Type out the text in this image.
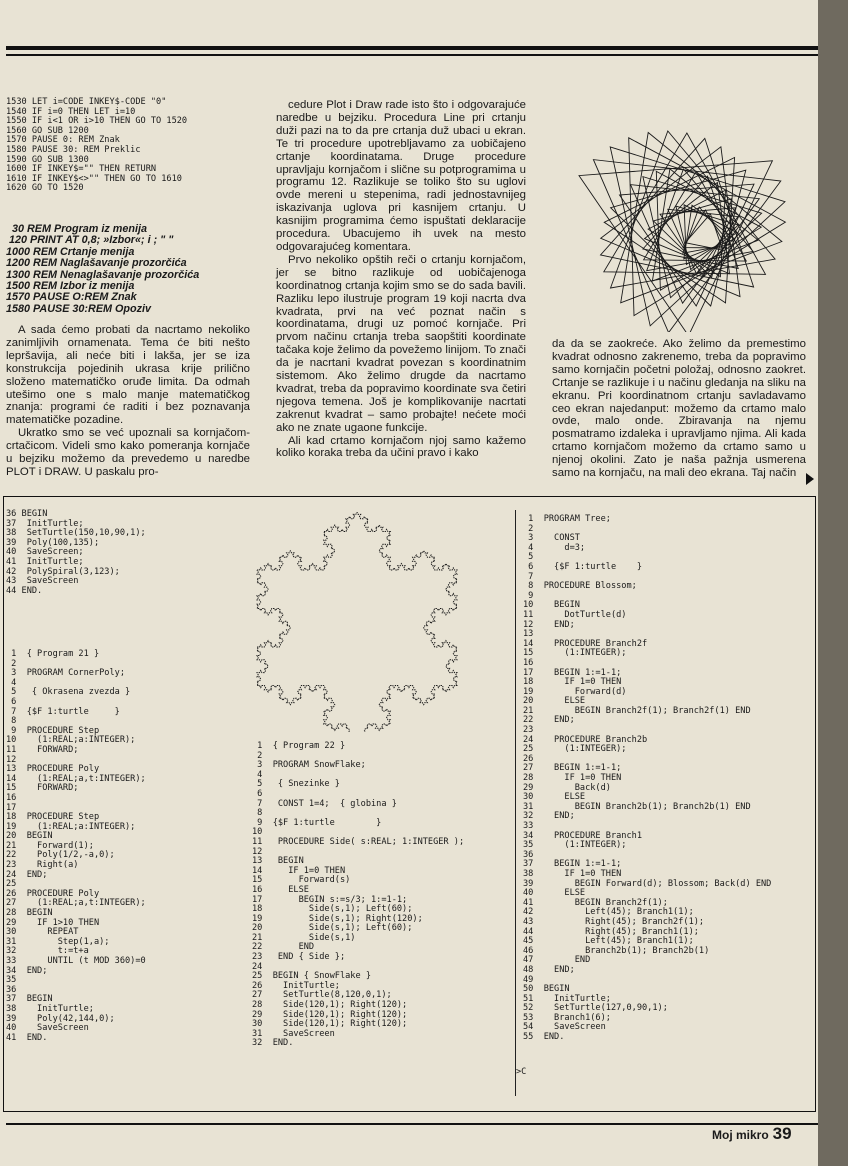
1530 LET i=CODE INKEY$-CODE "0"
1540 IF i=0 THEN LET i=10
1550 IF i<1 OR i>10 THEN GO TO 1520
1560 GO SUB 1200
1570 PAUSE 0: REM Znak
1580 PAUSE 30: REM Preklic
1590 GO SUB 1300
1600 IF INKEY$="" THEN RETURN
1610 IF INKEY$<>"" THEN GO TO 1610
1620 GO TO 1520
30 REM Program iz menija
120 PRINT AT 0,8; »Izbor«; i ; " "
1000 REM Crtanje menija
1200 REM Naglašavanje prozorčića
1300 REM Nenaglašavanje prozorčića
1500 REM Izbor iz menija
1570 PAUSE O:REM Znak
1580 PAUSE 30:REM Opoziv

A sada ćemo probati da nacrtamo nekoliko zanimljivih ornamenata. Tema će biti nešto lepršavija, ali neće biti i lakša, jer se iza konstrukcija pojedinih ukrasa krije prilično složeno matematičko oruđe limita. Da odmah utešimo one s malo manje matematičkog znanja: programi će raditi i bez poznavanja matematičke pozadine.

Ukratko smo se već upoznali sa kornjačom-crtačicom. Videli smo kako pomeranja kornjače u bejziku možemo da prevedemo u naredbe PLOT i DRAW. U paskalu pro-

cedure Plot i Draw rade isto što i odgovarajuće naredbe u bejziku. Procedura Line pri crtanju duži pazi na to da pre crtanja duž ubaci u ekran. Te tri procedure upotrebljavamo za uobičajeno crtanje koordinatama. Druge procedure upravljaju kornjačom i slične su potprogramima u programu 12. Razlikuje se toliko što su uglovi ovde mereni u stepenima, radi jednostavnijeg iskazivanja uglova pri kasnijem crtanju. U kasnijim programima ćemo ispuštati deklaracije procedura. Ubacujemo ih uvek na mesto odgovarajućeg komentara.

Prvo nekoliko opštih reči o crtanju kornjačom, jer se bitno razlikuje od uobičajenoga koordinatnog crtanja kojim smo se do sada bavili. Razliku lepo ilustruje program 19 koji nacrta dva kvadrata, prvi na već poznat način s koordinatama, drugi uz pomoć kornjače. Pri prvom načinu crtanja treba saopštiti koordinate tačaka koje želimo da povežemo linijom. To znači da je nacrtani kvadrat povezan s koordinatnim sistemom. Ako želimo drugde da nacrtamo kvadrat, treba da popravimo koordinate sva četiri njegova temena. Još je komplikovanije nacrtati zakrenut kvadrat – samo probajte! nećete moći ako ne znate ugaone funkcije.

Ali kad crtamo kornjačom njoj samo kažemo koliko koraka treba da učini pravo i kako

da da se zaokreće. Ako želimo da premestimo kvadrat odnosno zakrenemo, treba da popravimo samo kornjačin početni položaj, odnosno zaokret. Crtanje se razlikuje i u načinu gledanja na sliku na ekranu. Pri koordinatnom crtanju savladavamo ceo ekran najedanput: možemo da crtamo malo ovde, malo onde. Zbiravanja na njemu posmatramo izdaleka i upravljamo njima. Ali kada crtamo kornjačom možemo da crtamo samo u njenoj okolini. Zato je naša pažnja usmerena samo na kornjaču, na mali deo ekrana. Taj način

36 BEGIN
37  InitTurtle;
38  SetTurtle(150,10,90,1);
39  Poly(100,135);
40  SaveScreen;
41  InitTurtle;
42  PolySpiral(3,123);
43  SaveScreen
44 END.
1  { Program 21 }
2
3  PROGRAM CornerPoly;
4
5   { Okrasena zvezda }
6
7  {$F 1:turtle     }
8
9  PROCEDURE Step
10    (1:REAL;a:INTEGER);
11    FORWARD;
12
13  PROCEDURE Poly
14    (1:REAL;a,t:INTEGER);
15    FORWARD;
16
17
18  PROCEDURE Step
19    (1:REAL;a:INTEGER);
20  BEGIN
21    Forward(1);
22    Poly(1/2,-a,0);
23    Right(a)
24  END;
25
26  PROCEDURE Poly
27    (1:REAL;a,t:INTEGER);
28  BEGIN
29    IF 1>10 THEN
30      REPEAT
31        Step(1,a);
32        t:=t+a
33      UNTIL (t MOD 360)=0
34  END;
35
36
37  BEGIN
38    InitTurtle;
39    Poly(42,144,0);
40    SaveScreen
41  END.
1  { Program 22 }
2
3  PROGRAM SnowFlake;
4
5   { Snezinke }
6
7   CONST 1=4;  { globina }
8
9  {$F 1:turtle        }
10
11   PROCEDURE Side( s:REAL; 1:INTEGER );
12
13   BEGIN
14     IF 1=0 THEN
15       Forward(s)
16     ELSE
17       BEGIN s:=s/3; 1:=1-1;
18         Side(s,1); Left(60);
19         Side(s,1); Right(120);
20         Side(s,1); Left(60);
21         Side(s,1)
22       END
23   END { Side };
24
25  BEGIN { SnowFlake }
26    InitTurtle;
27    SetTurtle(8,120,0,1);
28    Side(120,1); Right(120);
29    Side(120,1); Right(120);
30    Side(120,1); Right(120);
31    SaveScreen
32  END.
1  PROGRAM Tree;
2
3    CONST
4      d=3;
5
6    {$F 1:turtle    }
7
8  PROCEDURE Blossom;
9
10    BEGIN
11      DotTurtle(d)
12    END;
13
14    PROCEDURE Branch2f
15      (1:INTEGER);
16
17    BEGIN 1:=1-1;
18      IF 1=0 THEN
19        Forward(d)
20      ELSE
21        BEGIN Branch2f(1); Branch2f(1) END
22    END;
23
24    PROCEDURE Branch2b
25      (1:INTEGER);
26
27    BEGIN 1:=1-1;
28      IF 1=0 THEN
29        Back(d)
30      ELSE
31        BEGIN Branch2b(1); Branch2b(1) END
32    END;
33
34    PROCEDURE Branch1
35      (1:INTEGER);
36
37    BEGIN 1:=1-1;
38      IF 1=0 THEN
39        BEGIN Forward(d); Blossom; Back(d) END
40      ELSE
41        BEGIN Branch2f(1);
42          Left(45); Branch1(1);
43          Right(45); Branch2f(1);
44          Right(45); Branch1(1);
45          Left(45); Branch1(1);
46          Branch2b(1); Branch2b(1)
47        END
48    END;
49
50  BEGIN
51    InitTurtle;
52    SetTurtle(127,0,90,1);
53    Branch1(6);
54    SaveScreen
55  END.
>C
Moj mikro 39
